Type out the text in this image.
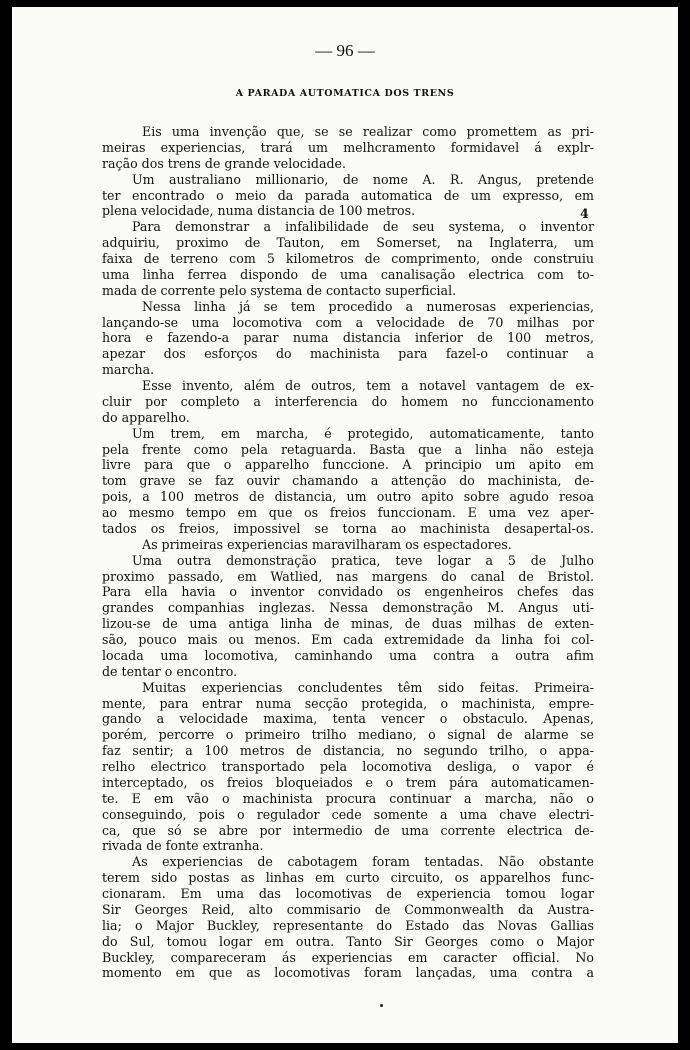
— 96 —
A PARADA AUTOMATICA DOS TRENS
4
Eis uma invenção que, se se realizar como promettem as pri-
meiras experiencias, trará um melhcramento formidavel á explr-
ração dos trens de grande velocidade.
Um australiano millionario, de nome A. R. Angus, pretende
ter encontrado o meio da parada automatica de um expresso, em
plena velocidade, numa distancia de 100 metros.
Para demonstrar a infalibilidade de seu systema, o inventor
adquiriu, proximo de Tauton, em Somerset, na Inglaterra, um
faixa de terreno com 5 kilometros de comprimento, onde construiu
uma linha ferrea dispondo de uma canalisação electrica com to-
mada de corrente pelo systema de contacto superficial.
Nessa linha já se tem procedido a numerosas experiencias,
lançando-se uma locomotiva com a velocidade de 70 milhas por
hora e fazendo-a parar numa distancia inferior de 100 metros,
apezar dos esforços do machinista para fazel-o continuar a
marcha.
Esse invento, além de outros, tem a notavel vantagem de ex-
cluir por completo a interferencia do homem no funccionamento
do apparelho.
Um trem, em marcha, é protegido, automaticamente, tanto
pela frente como pela retaguarda. Basta que a linha não esteja
livre para que o apparelho funccione. A principio um apito em
tom grave se faz ouvir chamando a attenção do machinista, de-
pois, a 100 metros de distancia, um outro apito sobre agudo resoa
ao mesmo tempo em que os freios funccionam. E uma vez aper-
tados os freios, impossivel se torna ao machinista desapertal-os.
As primeiras experiencias maravilharam os espectadores.
Uma outra demonstração pratica, teve logar a 5 de Julho
proximo passado, em Watlied, nas margens do canal de Bristol.
Para ella havia o inventor convidado os engenheiros chefes das
grandes companhias inglezas. Nessa demonstração M. Angus uti-
lizou-se de uma antiga linha de minas, de duas milhas de exten-
são, pouco mais ou menos. Em cada extremidade da linha foi col-
locada uma locomotiva, caminhando uma contra a outra afim
de tentar o encontro.
Muitas experiencias concludentes têm sido feitas. Primeira-
mente, para entrar numa secção protegida, o machinista, empre-
gando a velocidade maxima, tenta vencer o obstaculo. Apenas,
porém, percorre o primeiro trilho mediano, o signal de alarme se
faz sentir; a 100 metros de distancia, no segundo trilho, o appa-
relho electrico transportado pela locomotiva desliga, o vapor é
interceptado, os freios bloqueiados e o trem pára automaticamen-
te. E em vão o machinista procura continuar a marcha, não o
conseguindo, pois o regulador cede somente a uma chave electri-
ca, que só se abre por intermedio de uma corrente electrica de-
rivada de fonte extranha.
As experiencias de cabotagem foram tentadas. Não obstante
terem sido postas as linhas em curto circuito, os apparelhos func-
cionaram. Em uma das locomotivas de experiencia tomou logar
Sir Georges Reid, alto commisario de Commonwealth da Austra-
lia; o Major Buckley, representante do Estado das Novas Gallias
do Sul, tomou logar em outra. Tanto Sir Georges como o Major
Buckley, compareceram ás experiencias em caracter official. No
momento em que as locomotivas foram lançadas, uma contra a
